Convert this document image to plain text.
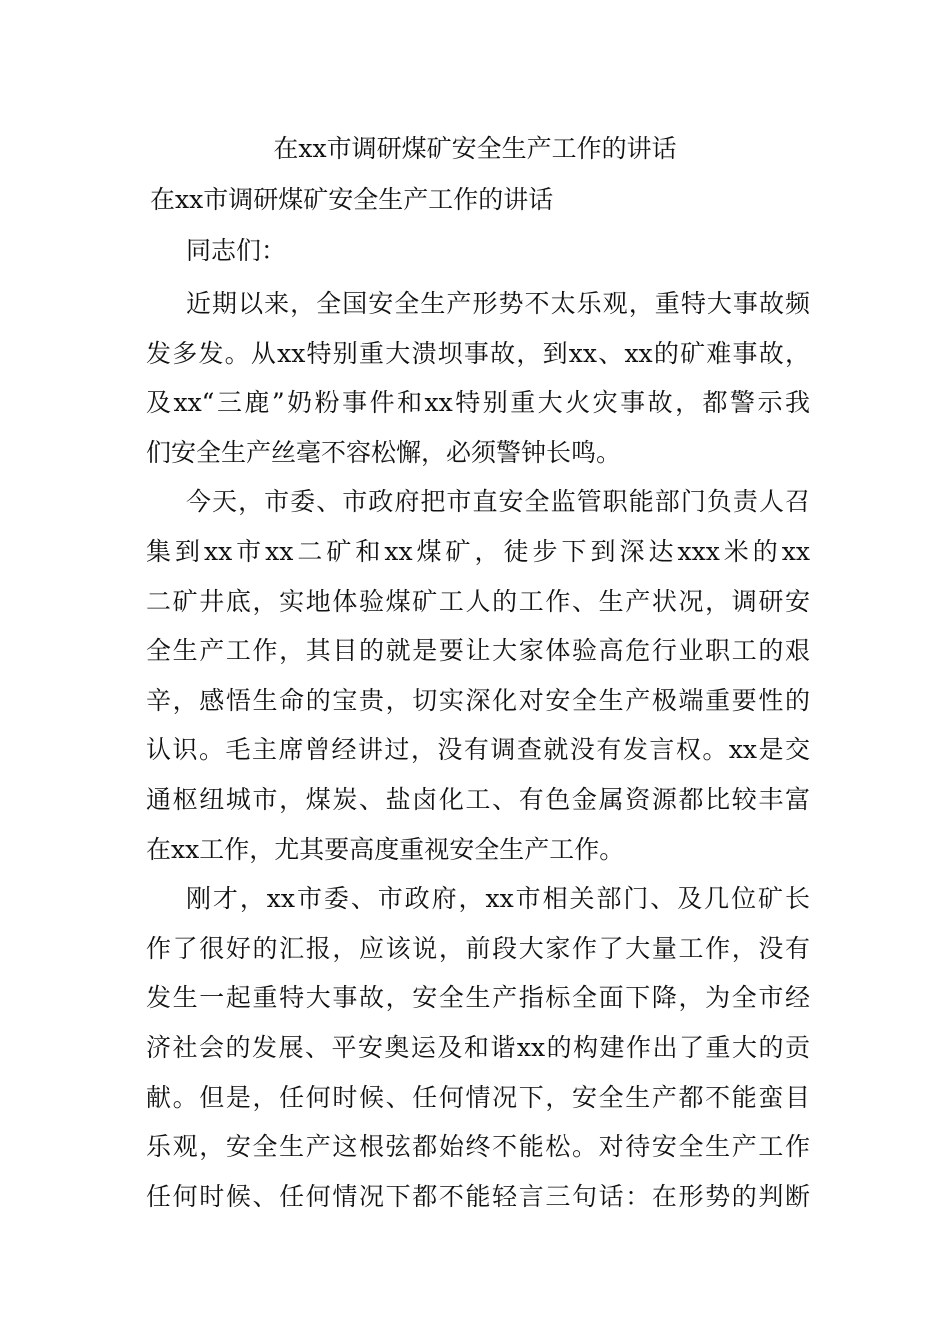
在xx市调研煤矿安全生产工作的讲话
在xx市调研煤矿安全生产工作的讲话

同志们：

近期以来，全国安全生产形势不太乐观，重特大事故频
发多发。从xx特别重大溃坝事故，到xx、xx的矿难事故，
及xx“三鹿”奶粉事件和xx特别重大火灾事故，都警示我
们安全生产丝毫不容松懈，必须警钟长鸣。

今天，市委、市政府把市直安全监管职能部门负责人召
集到xx市xx二矿和xx煤矿，徒步下到深达xxx米的xx
二矿井底，实地体验煤矿工人的工作、生产状况，调研安
全生产工作，其目的就是要让大家体验高危行业职工的艰
辛，感悟生命的宝贵，切实深化对安全生产极端重要性的
认识。毛主席曾经讲过，没有调查就没有发言权。xx是交
通枢纽城市，煤炭、盐卤化工、有色金属资源都比较丰富
在xx工作，尤其要高度重视安全生产工作。

刚才，xx市委、市政府，xx市相关部门、及几位矿长
作了很好的汇报，应该说，前段大家作了大量工作，没有
发生一起重特大事故，安全生产指标全面下降，为全市经
济社会的发展、平安奥运及和谐xx的构建作出了重大的贡
献。但是，任何时候、任何情况下，安全生产都不能蛮目
乐观，安全生产这根弦都始终不能松。对待安全生产工作
任何时候、任何情况下都不能轻言三句话：在形势的判断
